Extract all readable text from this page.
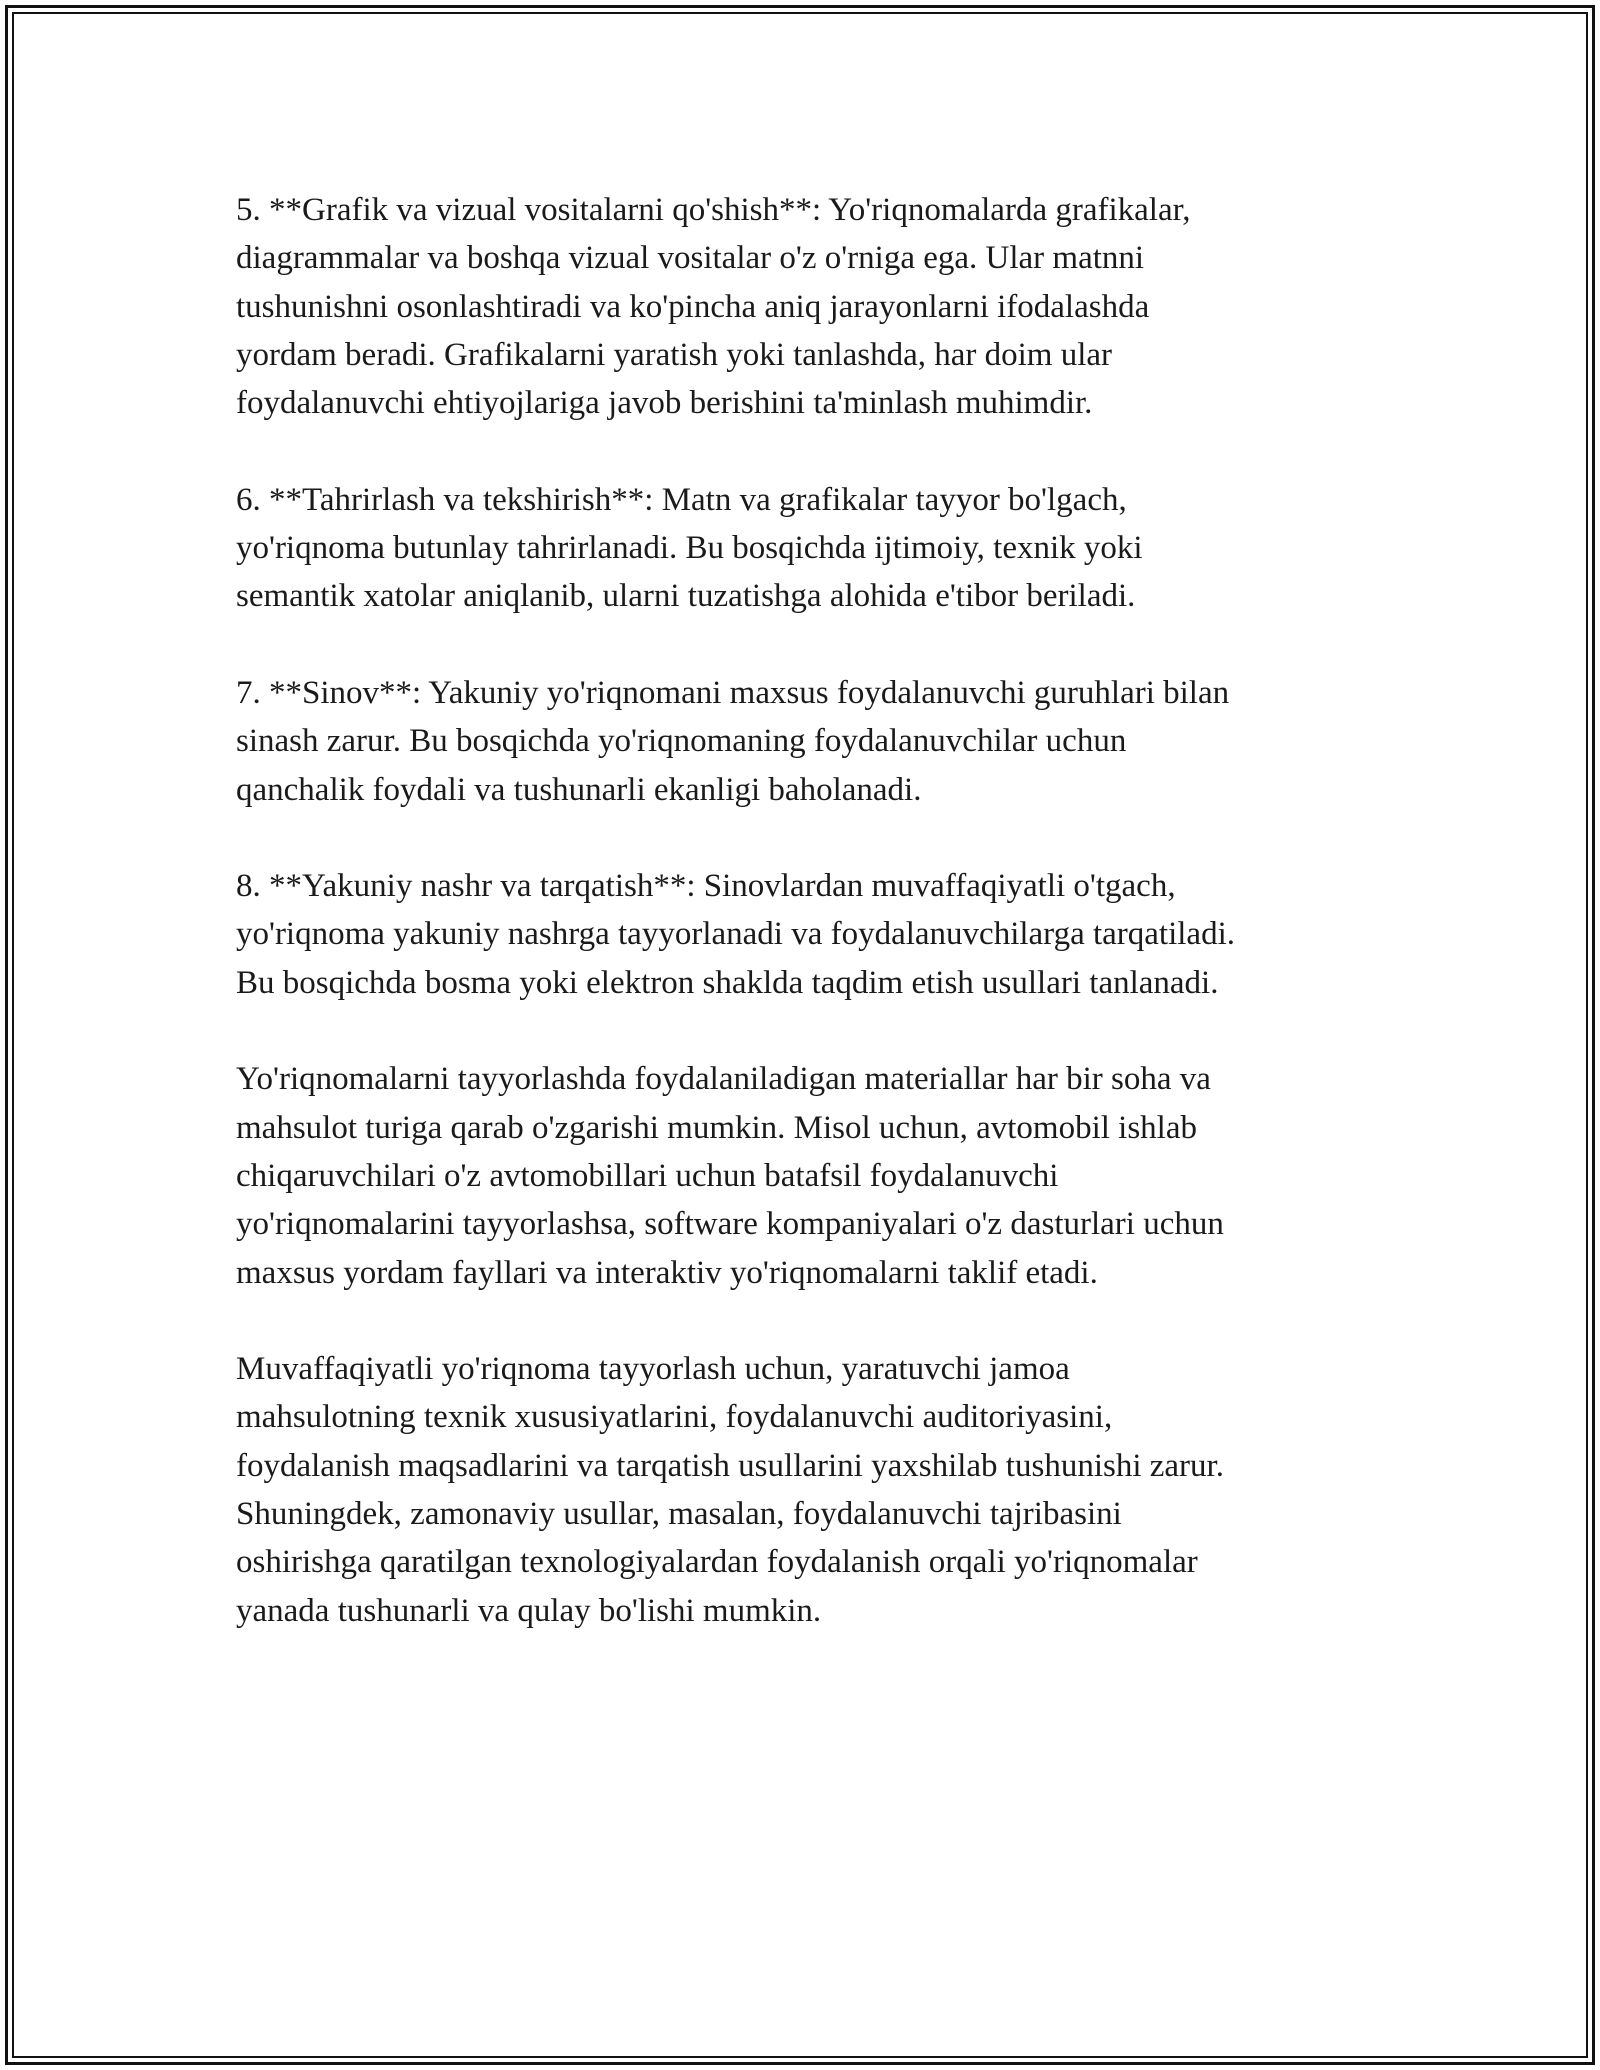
5. **Grafik va vizual vositalarni qo'shish**: Yo'riqnomalarda grafikalar,
diagrammalar va boshqa vizual vositalar o'z o'rniga ega. Ular matnni
tushunishni osonlashtiradi va ko'pincha aniq jarayonlarni ifodalashda
yordam beradi. Grafikalarni yaratish yoki tanlashda, har doim ular
foydalanuvchi ehtiyojlariga javob berishini ta'minlash muhimdir.

6. **Tahrirlash va tekshirish**: Matn va grafikalar tayyor bo'lgach,
yo'riqnoma butunlay tahrirlanadi. Bu bosqichda ijtimoiy, texnik yoki
semantik xatolar aniqlanib, ularni tuzatishga alohida e'tibor beriladi.

7. **Sinov**: Yakuniy yo'riqnomani maxsus foydalanuvchi guruhlari bilan
sinash zarur. Bu bosqichda yo'riqnomaning foydalanuvchilar uchun
qanchalik foydali va tushunarli ekanligi baholanadi.

8. **Yakuniy nashr va tarqatish**: Sinovlardan muvaffaqiyatli o'tgach,
yo'riqnoma yakuniy nashrga tayyorlanadi va foydalanuvchilarga tarqatiladi.
Bu bosqichda bosma yoki elektron shaklda taqdim etish usullari tanlanadi.

Yo'riqnomalarni tayyorlashda foydalaniladigan materiallar har bir soha va
mahsulot turiga qarab o'zgarishi mumkin. Misol uchun, avtomobil ishlab
chiqaruvchilari o'z avtomobillari uchun batafsil foydalanuvchi
yo'riqnomalarini tayyorlashsa, software kompaniyalari o'z dasturlari uchun
maxsus yordam fayllari va interaktiv yo'riqnomalarni taklif etadi.

Muvaffaqiyatli yo'riqnoma tayyorlash uchun, yaratuvchi jamoa
mahsulotning texnik xususiyatlarini, foydalanuvchi auditoriyasini,
foydalanish maqsadlarini va tarqatish usullarini yaxshilab tushunishi zarur.
Shuningdek, zamonaviy usullar, masalan, foydalanuvchi tajribasini
oshirishga qaratilgan texnologiyalardan foydalanish orqali yo'riqnomalar
yanada tushunarli va qulay bo'lishi mumkin.
